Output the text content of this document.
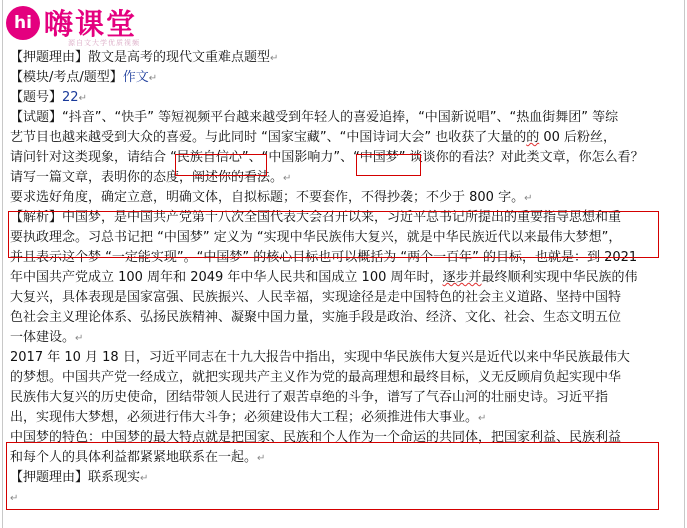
hi 嗨课堂
源自文大学优质视频
【押题理由】散文是高考的现代文重难点题型↵
【模块/考点/题型】作文↵
【题号】22↵
【试题】“抖音”、“快手” 等短视频平台越来越受到年轻人的喜爱追捧，“中国新说唱”、“热血街舞团” 等综
艺节目也越来越受到大众的喜爱。与此同时 “国家宝藏”、“中国诗词大会” 也收获了大量的的 00 后粉丝，
请问针对这类现象，请结合 “民族自信心”、“中国影响力”、“中国梦” 谈谈你的看法？对此类文章，你怎么看？
请写一篇文章，表明你的态度，阐述你的看法。↵
要求选好角度，确定立意，明确文体，自拟标题；不要套作，不得抄袭；不少于 800 字。↵
【解析】中国梦，是中国共产党第十八次全国代表大会召开以来，习近平总书记所提出的重要指导思想和重
要执政理念。习总书记把 “中国梦” 定义为 “实现中华民族伟大复兴，就是中华民族近代以来最伟大梦想”，
并且表示这个梦 “一定能实现”。“中国梦” 的核心目标也可以概括为 “两个一百年” 的目标，也就是：到 2021
年中国共产党成立 100 周年和 2049 年中华人民共和国成立 100 周年时，逐步并最终顺利实现中华民族的伟
大复兴，具体表现是国家富强、民族振兴、人民幸福，实现途径是走中国特色的社会主义道路、坚持中国特
色社会主义理论体系、弘扬民族精神、凝聚中国力量，实施手段是政治、经济、文化、社会、生态文明五位
一体建设。↵
2017 年 10 月 18 日，习近平同志在十九大报告中指出，实现中华民族伟大复兴是近代以来中华民族最伟大
的梦想。中国共产党一经成立，就把实现共产主义作为党的最高理想和最终目标，义无反顾肩负起实现中华
民族伟大复兴的历史使命，团结带领人民进行了艰苦卓绝的斗争，谱写了气吞山河的壮丽史诗。习近平指
出，实现伟大梦想，必须进行伟大斗争；必须建设伟大工程；必须推进伟大事业。↵
中国梦的特色：中国梦的最大特点就是把国家、民族和个人作为一个命运的共同体，把国家利益、民族利益
和每个人的具体利益都紧紧地联系在一起。↵
【押题理由】联系现实↵
↵
